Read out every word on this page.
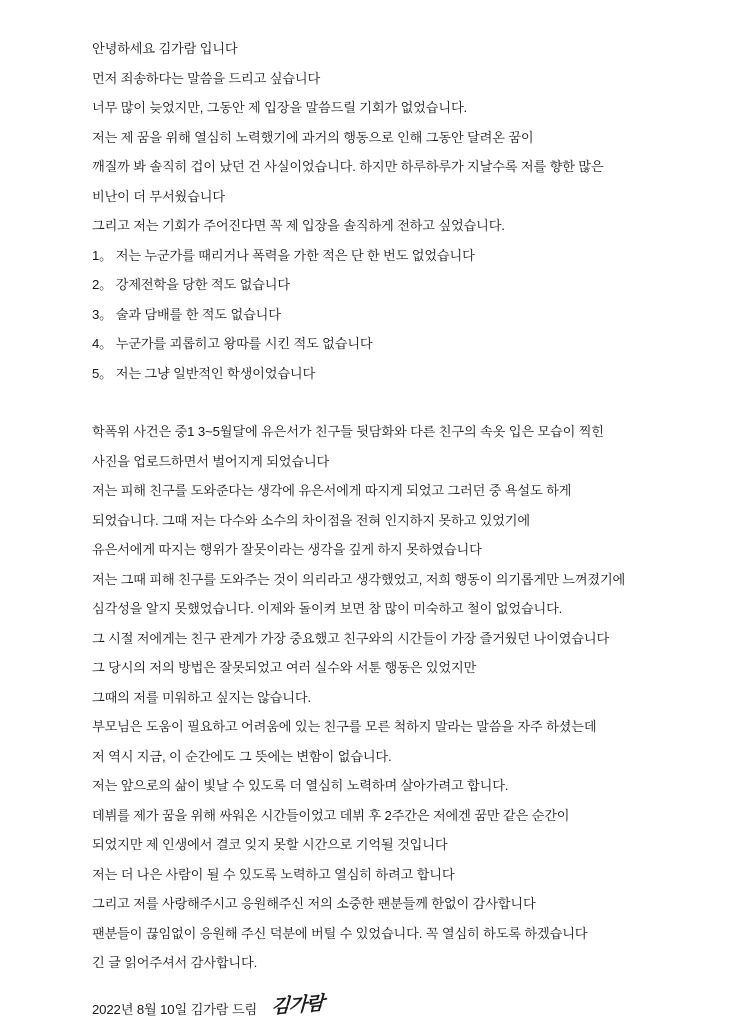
안녕하세요 김가람 입니다
먼저 죄송하다는 말씀을 드리고 싶습니다
너무 많이 늦었지만, 그동안 제 입장을 말씀드릴 기회가 없었습니다.
저는 제 꿈을 위해 열심히 노력했기에 과거의 행동으로 인해 그동안 달려온 꿈이
깨질까 봐 솔직히 겁이 났던 건 사실이었습니다. 하지만 하루하루가 지날수록 저를 향한 많은
비난이 더 무서웠습니다
그리고 저는 기회가 주어진다면 꼭 제 입장을 솔직하게 전하고 싶었습니다.
1。 저는 누군가를 때리거나 폭력을 가한 적은 단 한 번도 없었습니다
2。 강제전학을 당한 적도 없습니다
3。 술과 담배를 한 적도 없습니다
4。 누군가를 괴롭히고 왕따를 시킨 적도 없습니다
5。 저는 그냥 일반적인 학생이었습니다
학폭위 사건은 중1 3~5월달에 유은서가 친구들 뒷담화와 다른 친구의 속옷 입은 모습이 찍힌
사진을 업로드하면서 벌어지게 되었습니다
저는 피해 친구를 도와준다는 생각에 유은서에게 따지게 되었고 그러던 중 욕설도 하게
되었습니다. 그때 저는 다수와 소수의 차이점을 전혀 인지하지 못하고 있었기에
유은서에게 따지는 행위가 잘못이라는 생각을 깊게 하지 못하였습니다
저는 그때 피해 친구를 도와주는 것이 의리라고 생각했었고, 저희 행동이 의기롭게만 느껴졌기에
심각성을 알지 못했었습니다. 이제와 돌이켜 보면 참 많이 미숙하고 철이 없었습니다.
그 시절 저에게는 친구 관계가 가장 중요했고 친구와의 시간들이 가장 즐거웠던 나이였습니다
그 당시의 저의 방법은 잘못되었고 여러 실수와 서툰 행동은 있었지만
그때의 저를 미워하고 싶지는 않습니다.
부모님은 도움이 필요하고 어려움에 있는 친구를 모른 척하지 말라는 말씀을 자주 하셨는데
저 역시 지금, 이 순간에도 그 뜻에는 변함이 없습니다.
저는 앞으로의 삶이 빛날 수 있도록 더 열심히 노력하며 살아가려고 합니다.
데뷔를 제가 꿈을 위해 싸워온 시간들이었고 데뷔 후 2주간은 저에겐 꿈만 같은 순간이
되었지만 제 인생에서 결코 잊지 못할 시간으로 기억될 것입니다
저는 더 나은 사람이 될 수 있도록 노력하고 열심히 하려고 합니다
그리고 저를 사랑해주시고 응원해주신 저의 소중한 팬분들께 한없이 감사합니다
팬분들이 끊임없이 응원해 주신 덕분에 버틸 수 있었습니다. 꼭 열심히 하도록 하겠습니다
긴 글 읽어주셔서 감사합니다.
2022년 8월 10일 김가람 드림 김가람
